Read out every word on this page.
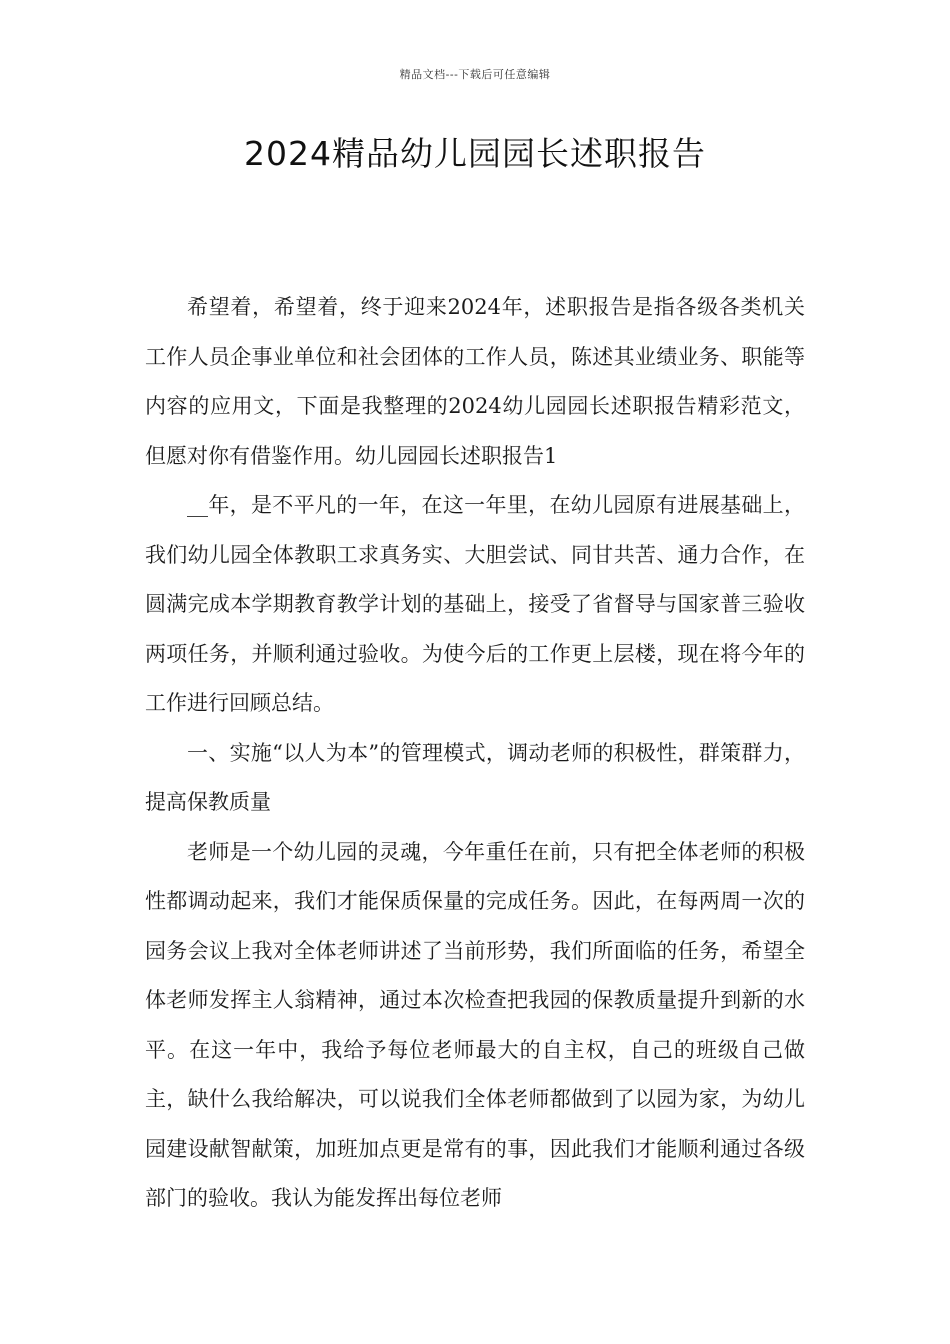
精品文档---下载后可任意编辑
2024精品幼儿园园长述职报告

希望着，希望着，终于迎来2024年，述职报告是指各级各类机关工作人员企事业单位和社会团体的工作人员，陈述其业绩业务、职能等内容的应用文，下面是我整理的2024幼儿园园长述职报告精彩范文，但愿对你有借鉴作用。幼儿园园长述职报告1

__年，是不平凡的一年，在这一年里，在幼儿园原有进展基础上，我们幼儿园全体教职工求真务实、大胆尝试、同甘共苦、通力合作，在圆满完成本学期教育教学计划的基础上，接受了省督导与国家普三验收两项任务，并顺利通过验收。为使今后的工作更上层楼，现在将今年的工作进行回顾总结。

一、实施“以人为本”的管理模式，调动老师的积极性，群策群力，提高保教质量

老师是一个幼儿园的灵魂，今年重任在前，只有把全体老师的积极性都调动起来，我们才能保质保量的完成任务。因此，在每两周一次的园务会议上我对全体老师讲述了当前形势，我们所面临的任务，希望全体老师发挥主人翁精神，通过本次检查把我园的保教质量提升到新的水平。在这一年中，我给予每位老师最大的自主权，自己的班级自己做主，缺什么我给解决，可以说我们全体老师都做到了以园为家，为幼儿园建设献智献策，加班加点更是常有的事，因此我们才能顺利通过各级部门的验收。我认为能发挥出每位老师
